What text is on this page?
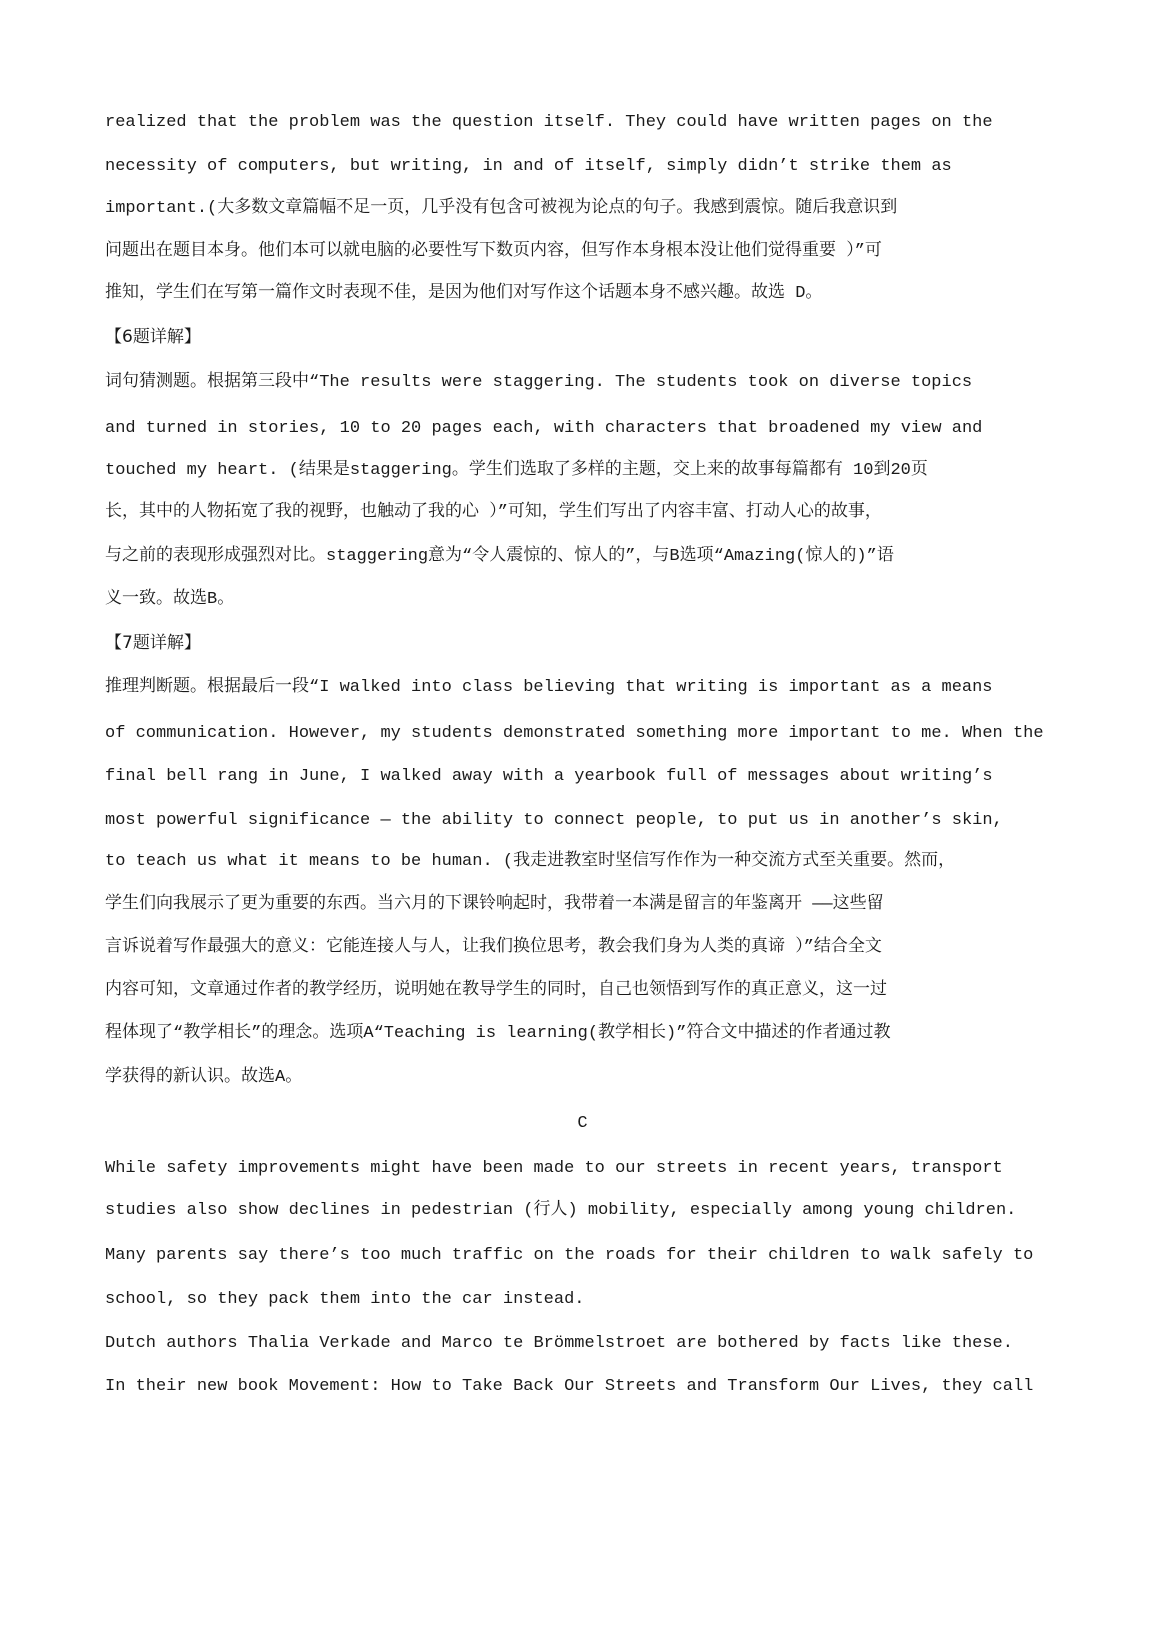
realized that the problem was the question itself. They could have written pages on the
necessity of computers, but writing, in and of itself, simply didn’t strike them as
important.(大多数文章篇幅不足一页，几乎没有包含可被视为论点的句子。我感到震惊。随后我意识到
问题出在题目本身。他们本可以就电脑的必要性写下数页内容，但写作本身根本没让他们觉得重要 ）”可
推知，学生们在写第一篇作文时表现不佳，是因为他们对写作这个话题本身不感兴趣。故选 D。
【6题详解】
词句猜测题。根据第三段中“The results were staggering. The students took on diverse topics
and turned in stories, 10 to 20 pages each, with characters that broadened my view and
touched my heart. (结果是staggering。学生们选取了多样的主题，交上来的故事每篇都有 10到20页
长，其中的人物拓宽了我的视野，也触动了我的心 ）”可知，学生们写出了内容丰富、打动人心的故事，
与之前的表现形成强烈对比。staggering意为“令人震惊的、惊人的”，与B选项“Amazing(惊人的)”语
义一致。故选B。
【7题详解】
推理判断题。根据最后一段“I walked into class believing that writing is important as a means
of communication. However, my students demonstrated something more important to me. When the
final bell rang in June, I walked away with a yearbook full of messages about writing’s
most powerful significance — the ability to connect people, to put us in another’s skin,
to teach us what it means to be human. (我走进教室时坚信写作作为一种交流方式至关重要。然而，
学生们向我展示了更为重要的东西。当六月的下课铃响起时，我带着一本满是留言的年鉴离开 ——这些留
言诉说着写作最强大的意义：它能连接人与人，让我们换位思考，教会我们身为人类的真谛 ）”结合全文
内容可知，文章通过作者的教学经历，说明她在教导学生的同时，自己也领悟到写作的真正意义，这一过
程体现了“教学相长”的理念。选项A“Teaching is learning(教学相长)”符合文中描述的作者通过教
学获得的新认识。故选A。
C
While safety improvements might have been made to our streets in recent years, transport
studies also show declines in pedestrian (行人) mobility, especially among young children.
Many parents say there’s too much traffic on the roads for their children to walk safely to
school, so they pack them into the car instead.
Dutch authors Thalia Verkade and Marco te Brömmelstroet are bothered by facts like these.
In their new book Movement: How to Take Back Our Streets and Transform Our Lives, they call
